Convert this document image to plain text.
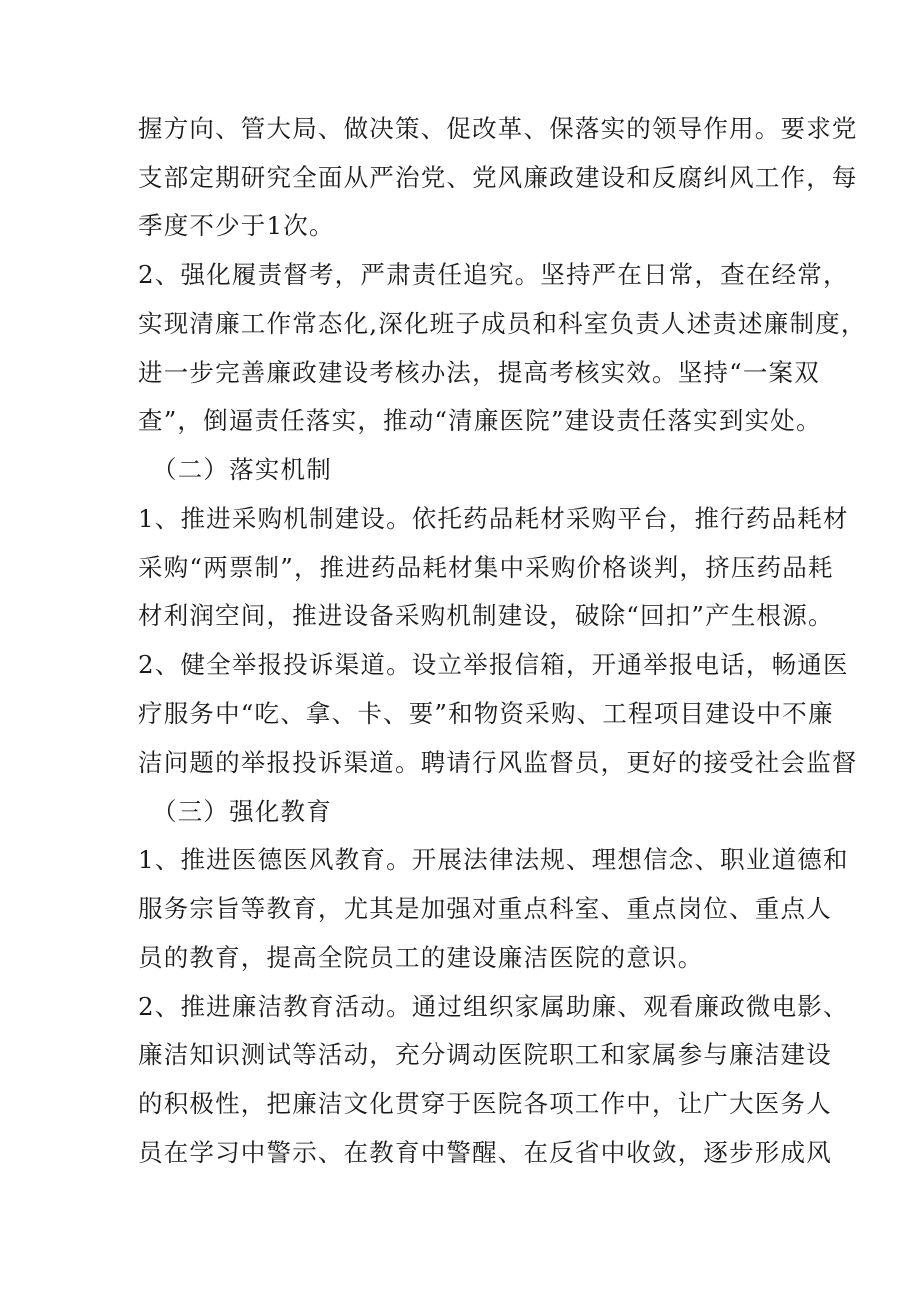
握方向、管大局、做决策、促改革、保落实的领导作用。要求党
支部定期研究全面从严治党、党风廉政建设和反腐纠风工作，每
季度不少于1次。
2、强化履责督考，严肃责任追究。坚持严在日常，查在经常，
实现清廉工作常态化,深化班子成员和科室负责人述责述廉制度，
进一步完善廉政建设考核办法，提高考核实效。坚持“一案双
查”，倒逼责任落实，推动“清廉医院”建设责任落实到实处。
（二）落实机制
1、推进采购机制建设。依托药品耗材采购平台，推行药品耗材
采购“两票制”，推进药品耗材集中采购价格谈判，挤压药品耗
材利润空间，推进设备采购机制建设，破除“回扣”产生根源。
2、健全举报投诉渠道。设立举报信箱，开通举报电话，畅通医
疗服务中“吃、拿、卡、要”和物资采购、工程项目建设中不廉
洁问题的举报投诉渠道。聘请行风监督员，更好的接受社会监督
（三）强化教育
1、推进医德医风教育。开展法律法规、理想信念、职业道德和
服务宗旨等教育，尤其是加强对重点科室、重点岗位、重点人
员的教育，提高全院员工的建设廉洁医院的意识。
2、推进廉洁教育活动。通过组织家属助廉、观看廉政微电影、
廉洁知识测试等活动，充分调动医院职工和家属参与廉洁建设
的积极性，把廉洁文化贯穿于医院各项工作中，让广大医务人
员在学习中警示、在教育中警醒、在反省中收敛，逐步形成风
